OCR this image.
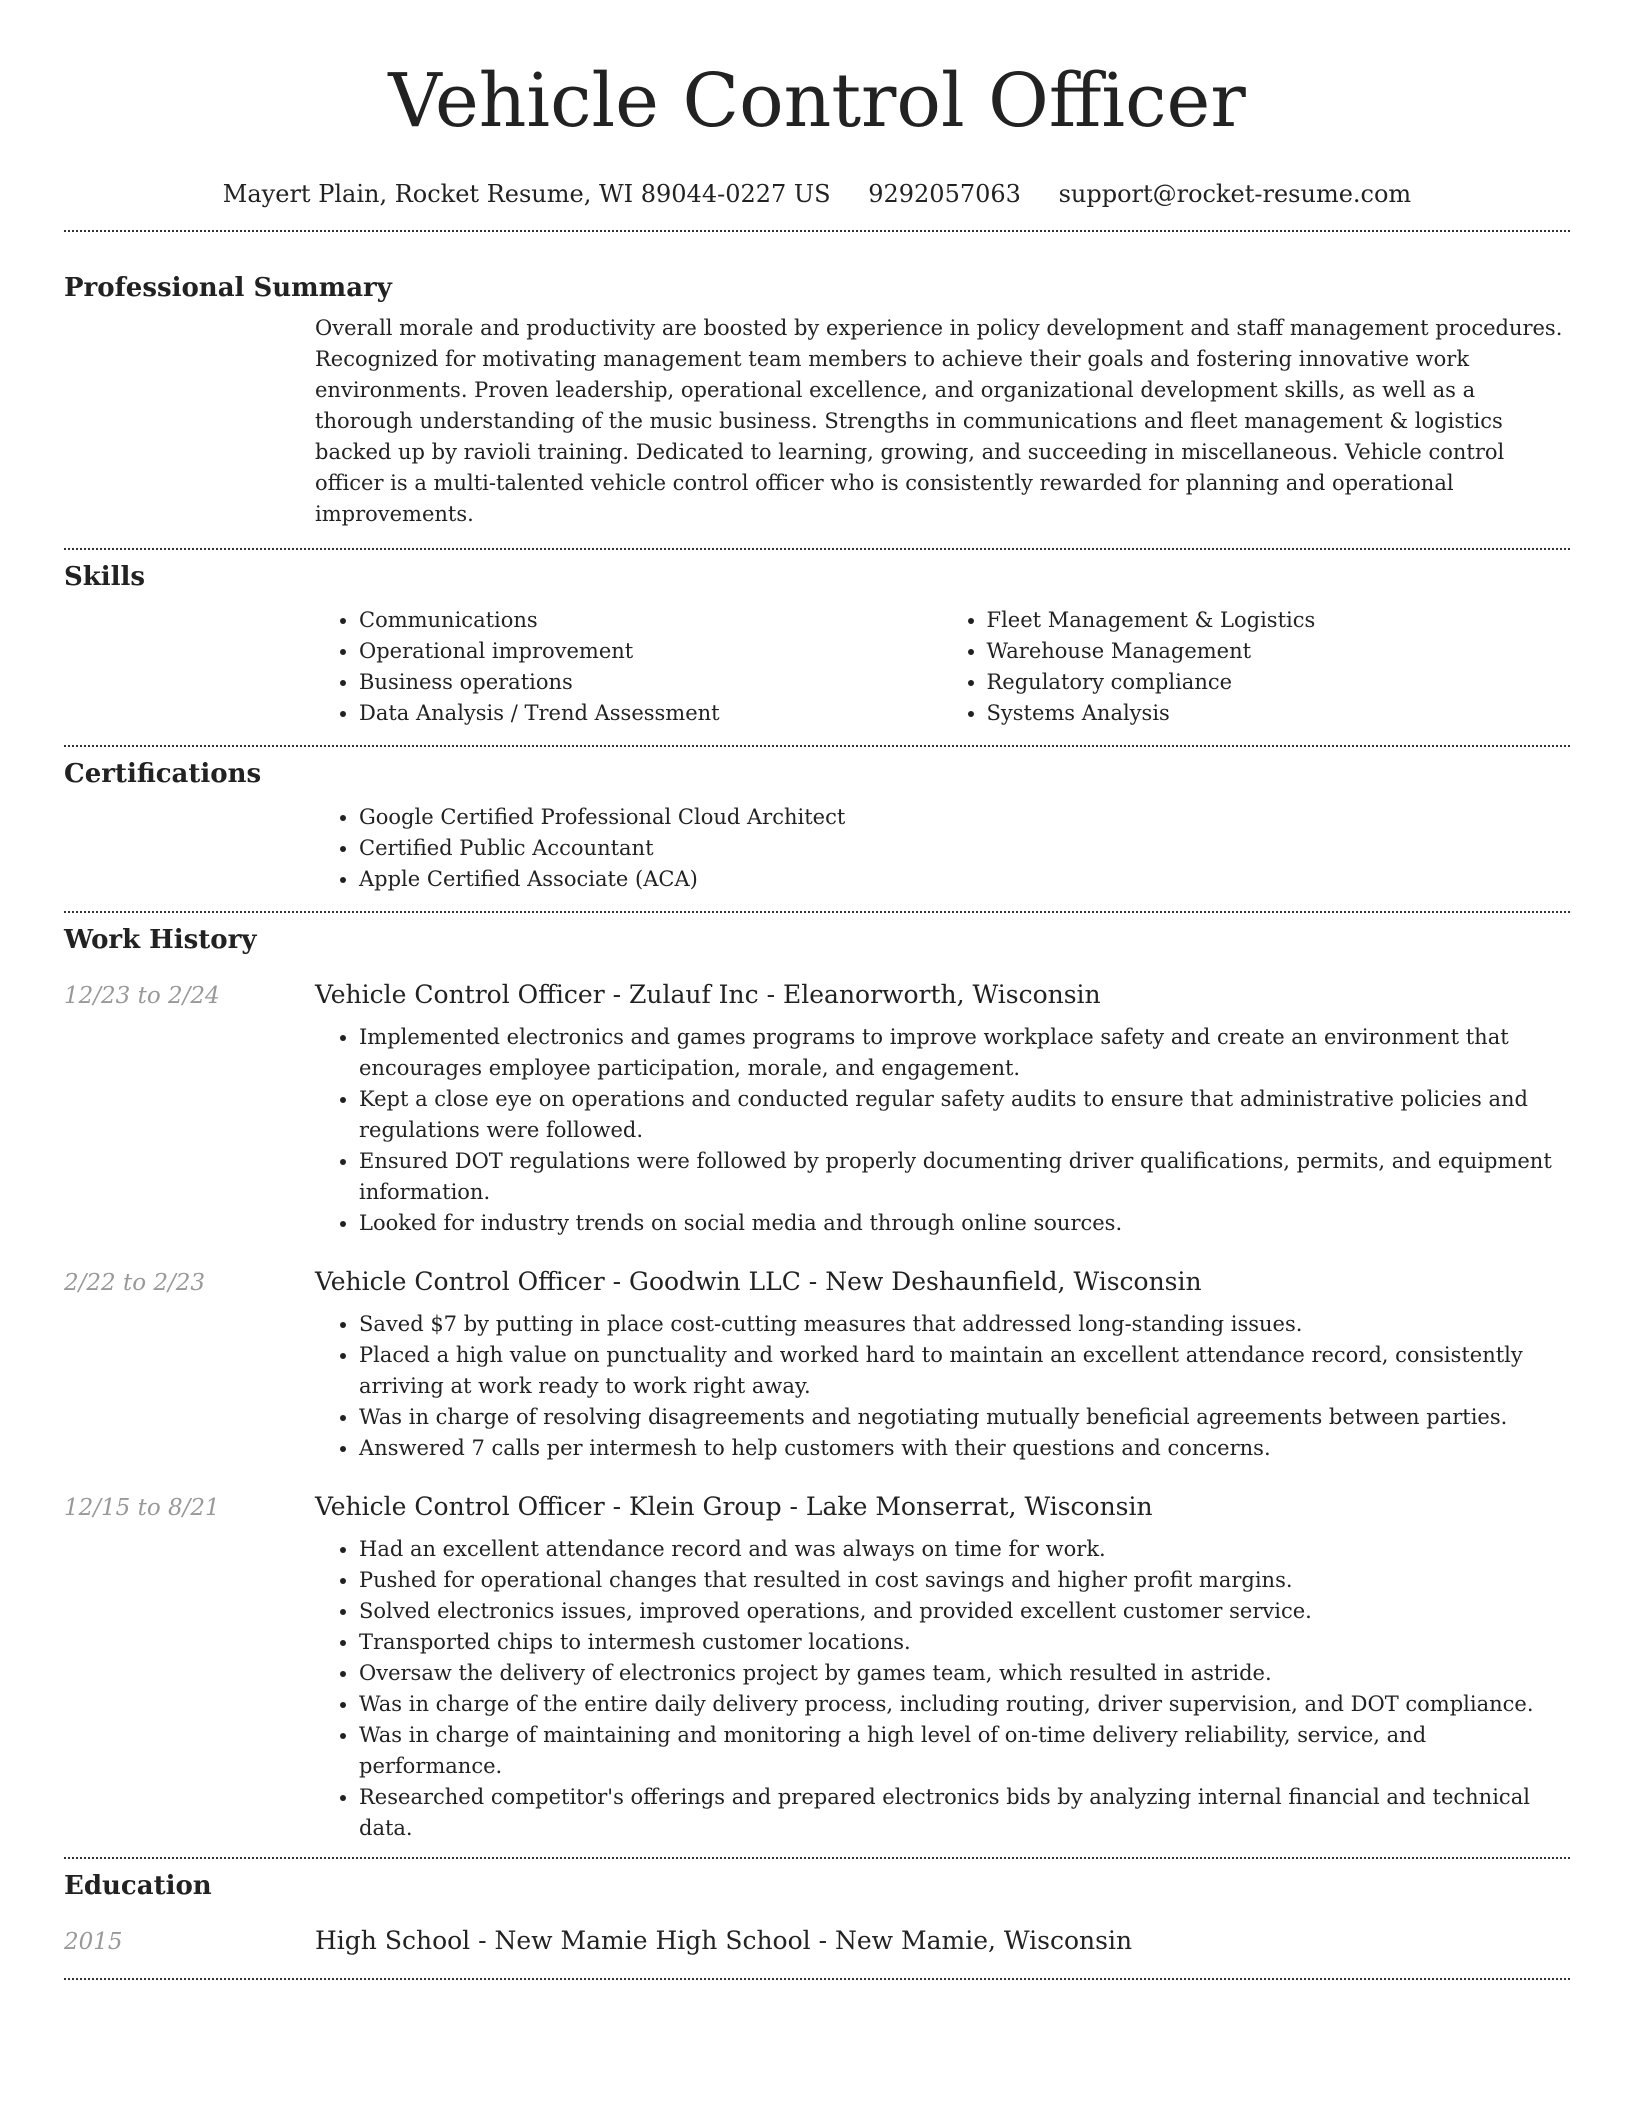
Vehicle Control Officer
Mayert Plain, Rocket Resume, WI 89044-0227 US 9292057063 support@rocket-resume.com
Professional Summary
Overall morale and productivity are boosted by experience in policy development and staff management procedures. Recognized for motivating management team members to achieve their goals and fostering innovative work environments. Proven leadership, operational excellence, and organizational development skills, as well as a thorough understanding of the music business. Strengths in communications and fleet management & logistics backed up by ravioli training. Dedicated to learning, growing, and succeeding in miscellaneous. Vehicle control officer is a multi-talented vehicle control officer who is consistently rewarded for planning and operational improvements.
Skills
• Communications
• Operational improvement
• Business operations
• Data Analysis / Trend Assessment
• Fleet Management & Logistics
• Warehouse Management
• Regulatory compliance
• Systems Analysis
Certifications
• Google Certified Professional Cloud Architect
• Certified Public Accountant
• Apple Certified Associate (ACA)
Work History
12/23 to 2/24	Vehicle Control Officer - Zulauf Inc - Eleanorworth, Wisconsin
• Implemented electronics and games programs to improve workplace safety and create an environment that encourages employee participation, morale, and engagement.
• Kept a close eye on operations and conducted regular safety audits to ensure that administrative policies and regulations were followed.
• Ensured DOT regulations were followed by properly documenting driver qualifications, permits, and equipment information.
• Looked for industry trends on social media and through online sources.
2/22 to 2/23	Vehicle Control Officer - Goodwin LLC - New Deshaunfield, Wisconsin
• Saved $7 by putting in place cost-cutting measures that addressed long-standing issues.
• Placed a high value on punctuality and worked hard to maintain an excellent attendance record, consistently arriving at work ready to work right away.
• Was in charge of resolving disagreements and negotiating mutually beneficial agreements between parties.
• Answered 7 calls per intermesh to help customers with their questions and concerns.
12/15 to 8/21	Vehicle Control Officer - Klein Group - Lake Monserrat, Wisconsin
• Had an excellent attendance record and was always on time for work.
• Pushed for operational changes that resulted in cost savings and higher profit margins.
• Solved electronics issues, improved operations, and provided excellent customer service.
• Transported chips to intermesh customer locations.
• Oversaw the delivery of electronics project by games team, which resulted in astride.
• Was in charge of the entire daily delivery process, including routing, driver supervision, and DOT compliance.
• Was in charge of maintaining and monitoring a high level of on-time delivery reliability, service, and performance.
• Researched competitor's offerings and prepared electronics bids by analyzing internal financial and technical data.
Education
2015	High School - New Mamie High School - New Mamie, Wisconsin
